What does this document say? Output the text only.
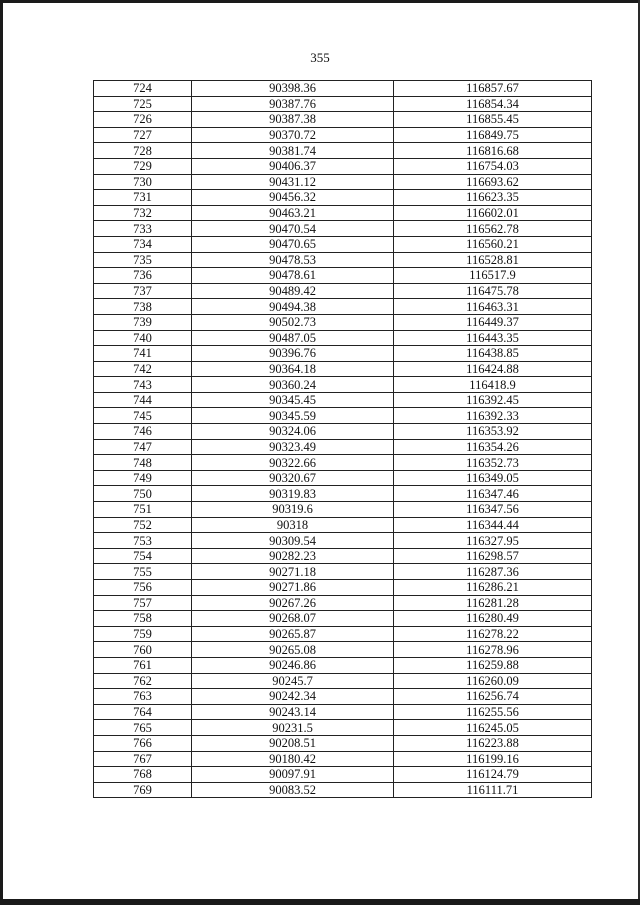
355
724	90398.36	116857.67
725	90387.76	116854.34
726	90387.38	116855.45
727	90370.72	116849.75
728	90381.74	116816.68
729	90406.37	116754.03
730	90431.12	116693.62
731	90456.32	116623.35
732	90463.21	116602.01
733	90470.54	116562.78
734	90470.65	116560.21
735	90478.53	116528.81
736	90478.61	116517.9
737	90489.42	116475.78
738	90494.38	116463.31
739	90502.73	116449.37
740	90487.05	116443.35
741	90396.76	116438.85
742	90364.18	116424.88
743	90360.24	116418.9
744	90345.45	116392.45
745	90345.59	116392.33
746	90324.06	116353.92
747	90323.49	116354.26
748	90322.66	116352.73
749	90320.67	116349.05
750	90319.83	116347.46
751	90319.6	116347.56
752	90318	116344.44
753	90309.54	116327.95
754	90282.23	116298.57
755	90271.18	116287.36
756	90271.86	116286.21
757	90267.26	116281.28
758	90268.07	116280.49
759	90265.87	116278.22
760	90265.08	116278.96
761	90246.86	116259.88
762	90245.7	116260.09
763	90242.34	116256.74
764	90243.14	116255.56
765	90231.5	116245.05
766	90208.51	116223.88
767	90180.42	116199.16
768	90097.91	116124.79
769	90083.52	116111.71
